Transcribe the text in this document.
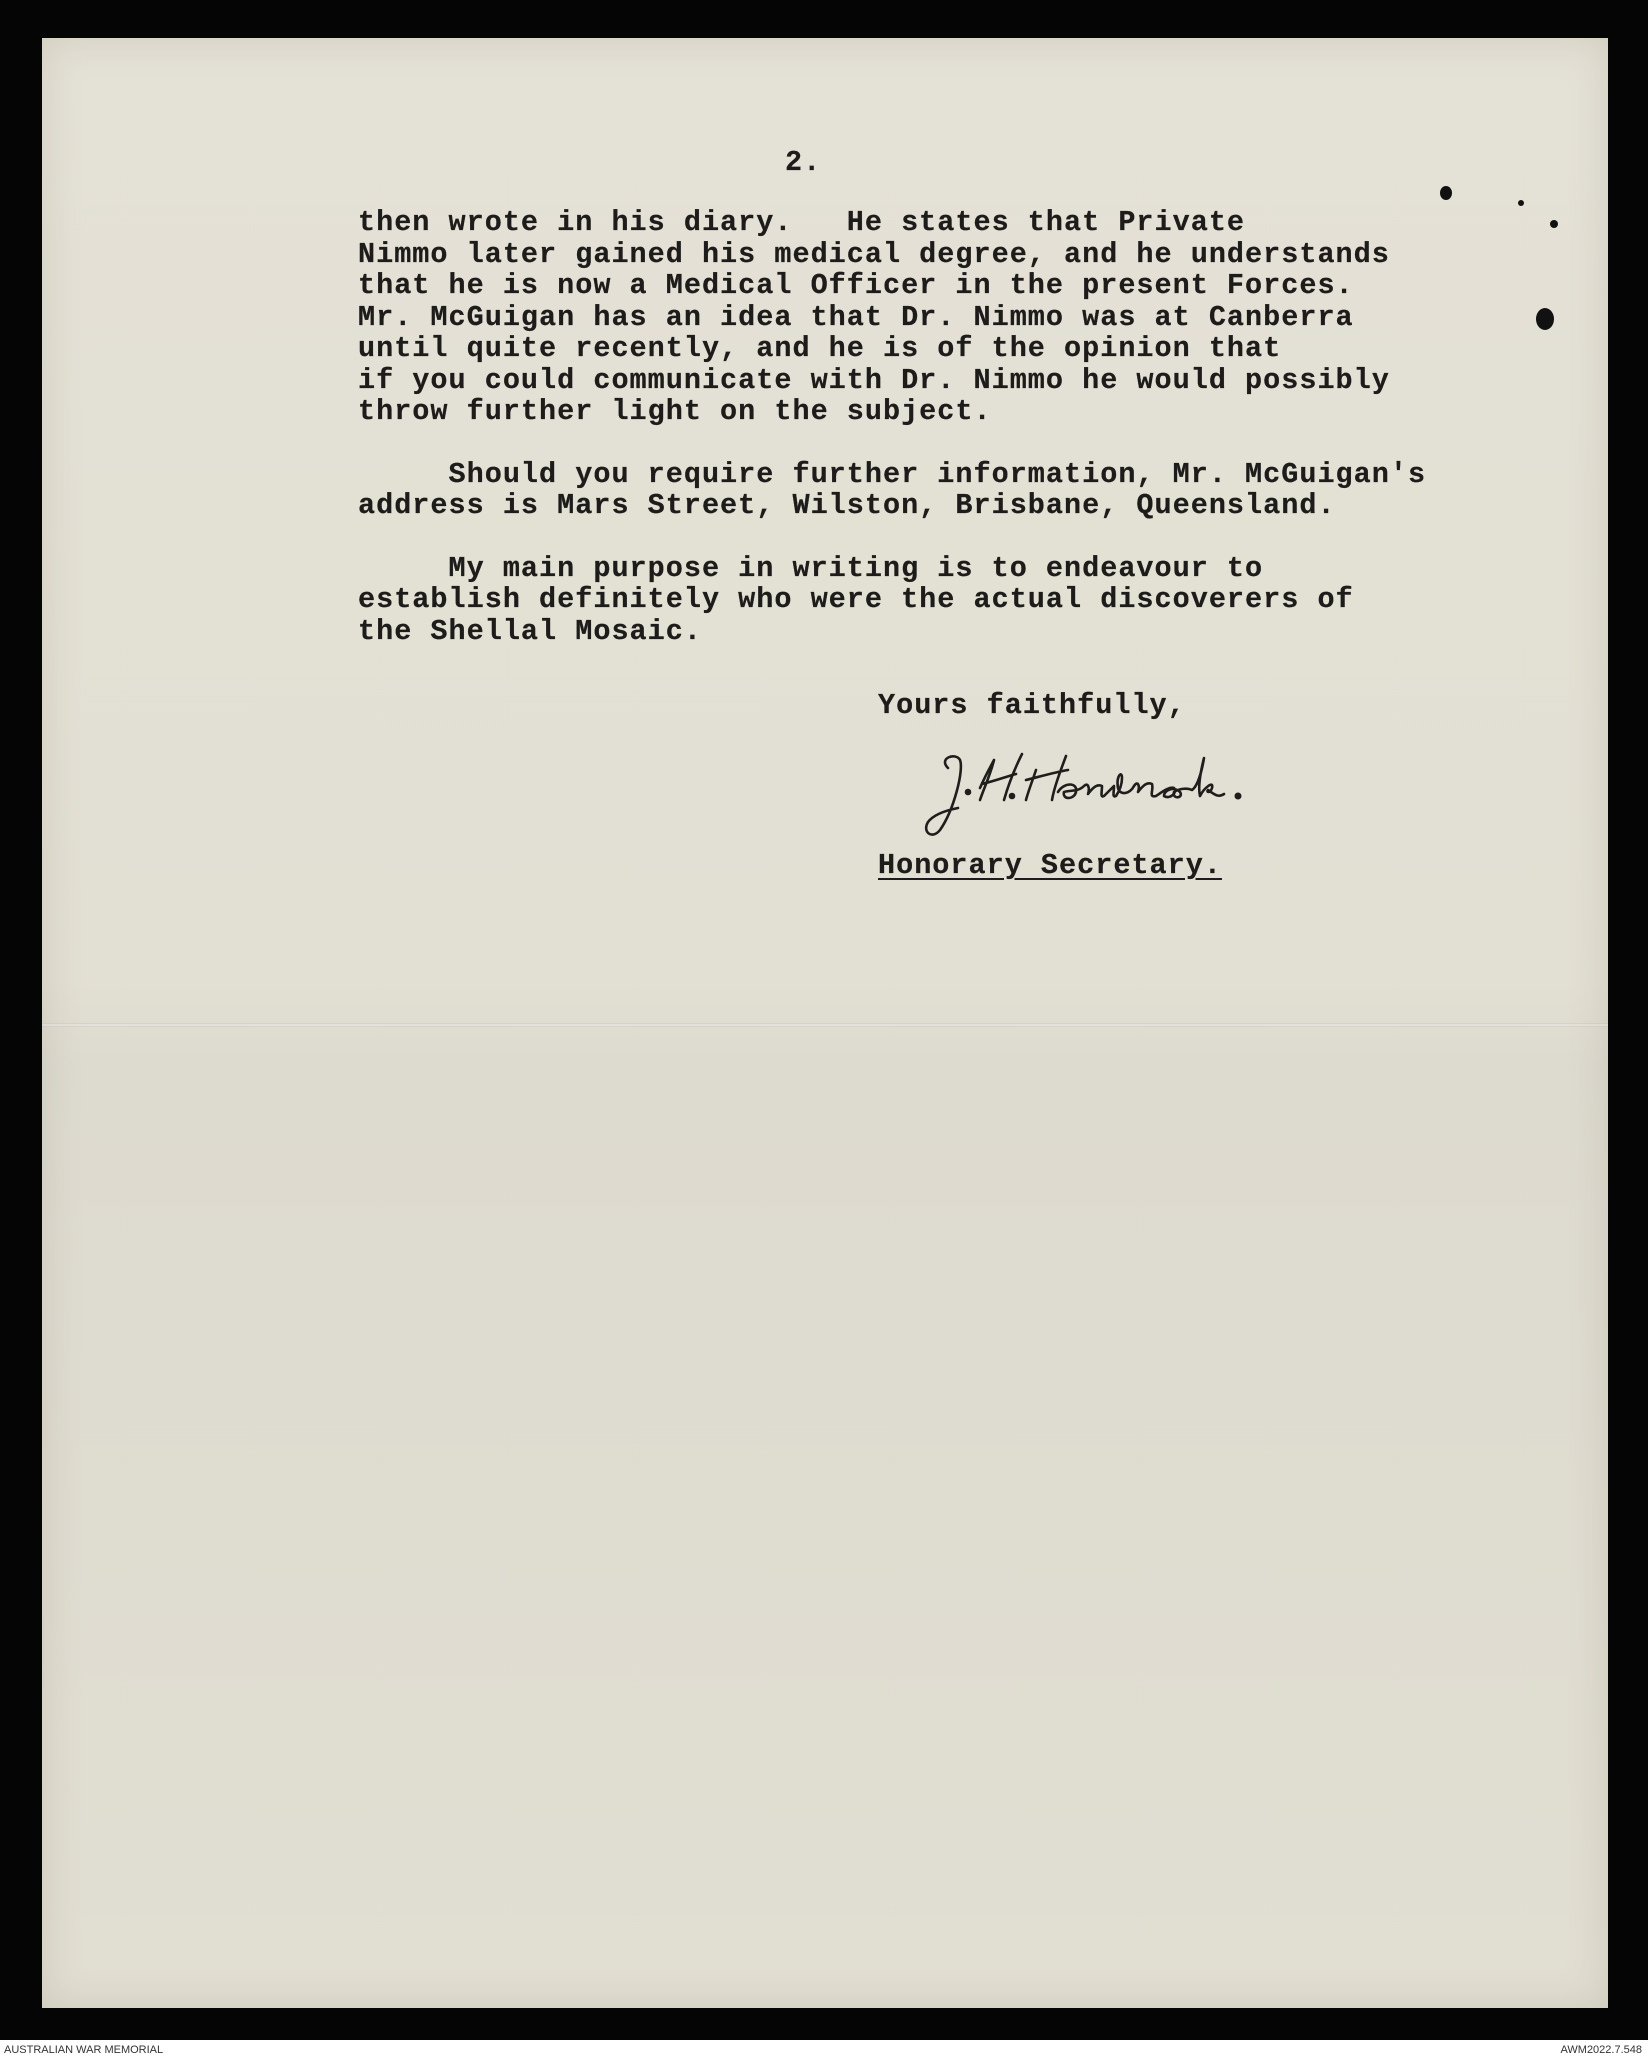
2.

then wrote in his diary.   He states that Private
Nimmo later gained his medical degree, and he understands
that he is now a Medical Officer in the present Forces.
Mr. McGuigan has an idea that Dr. Nimmo was at Canberra
until quite recently, and he is of the opinion that
if you could communicate with Dr. Nimmo he would possibly
throw further light on the subject.

Should you require further information, Mr. McGuigan's
address is Mars Street, Wilston, Brisbane, Queensland.

My main purpose in writing is to endeavour to
establish definitely who were the actual discoverers of
the Shellal Mosaic.

Yours faithfully,
Honorary Secretary.
AUSTRALIAN WAR MEMORIAL	AWM2022.7.548
